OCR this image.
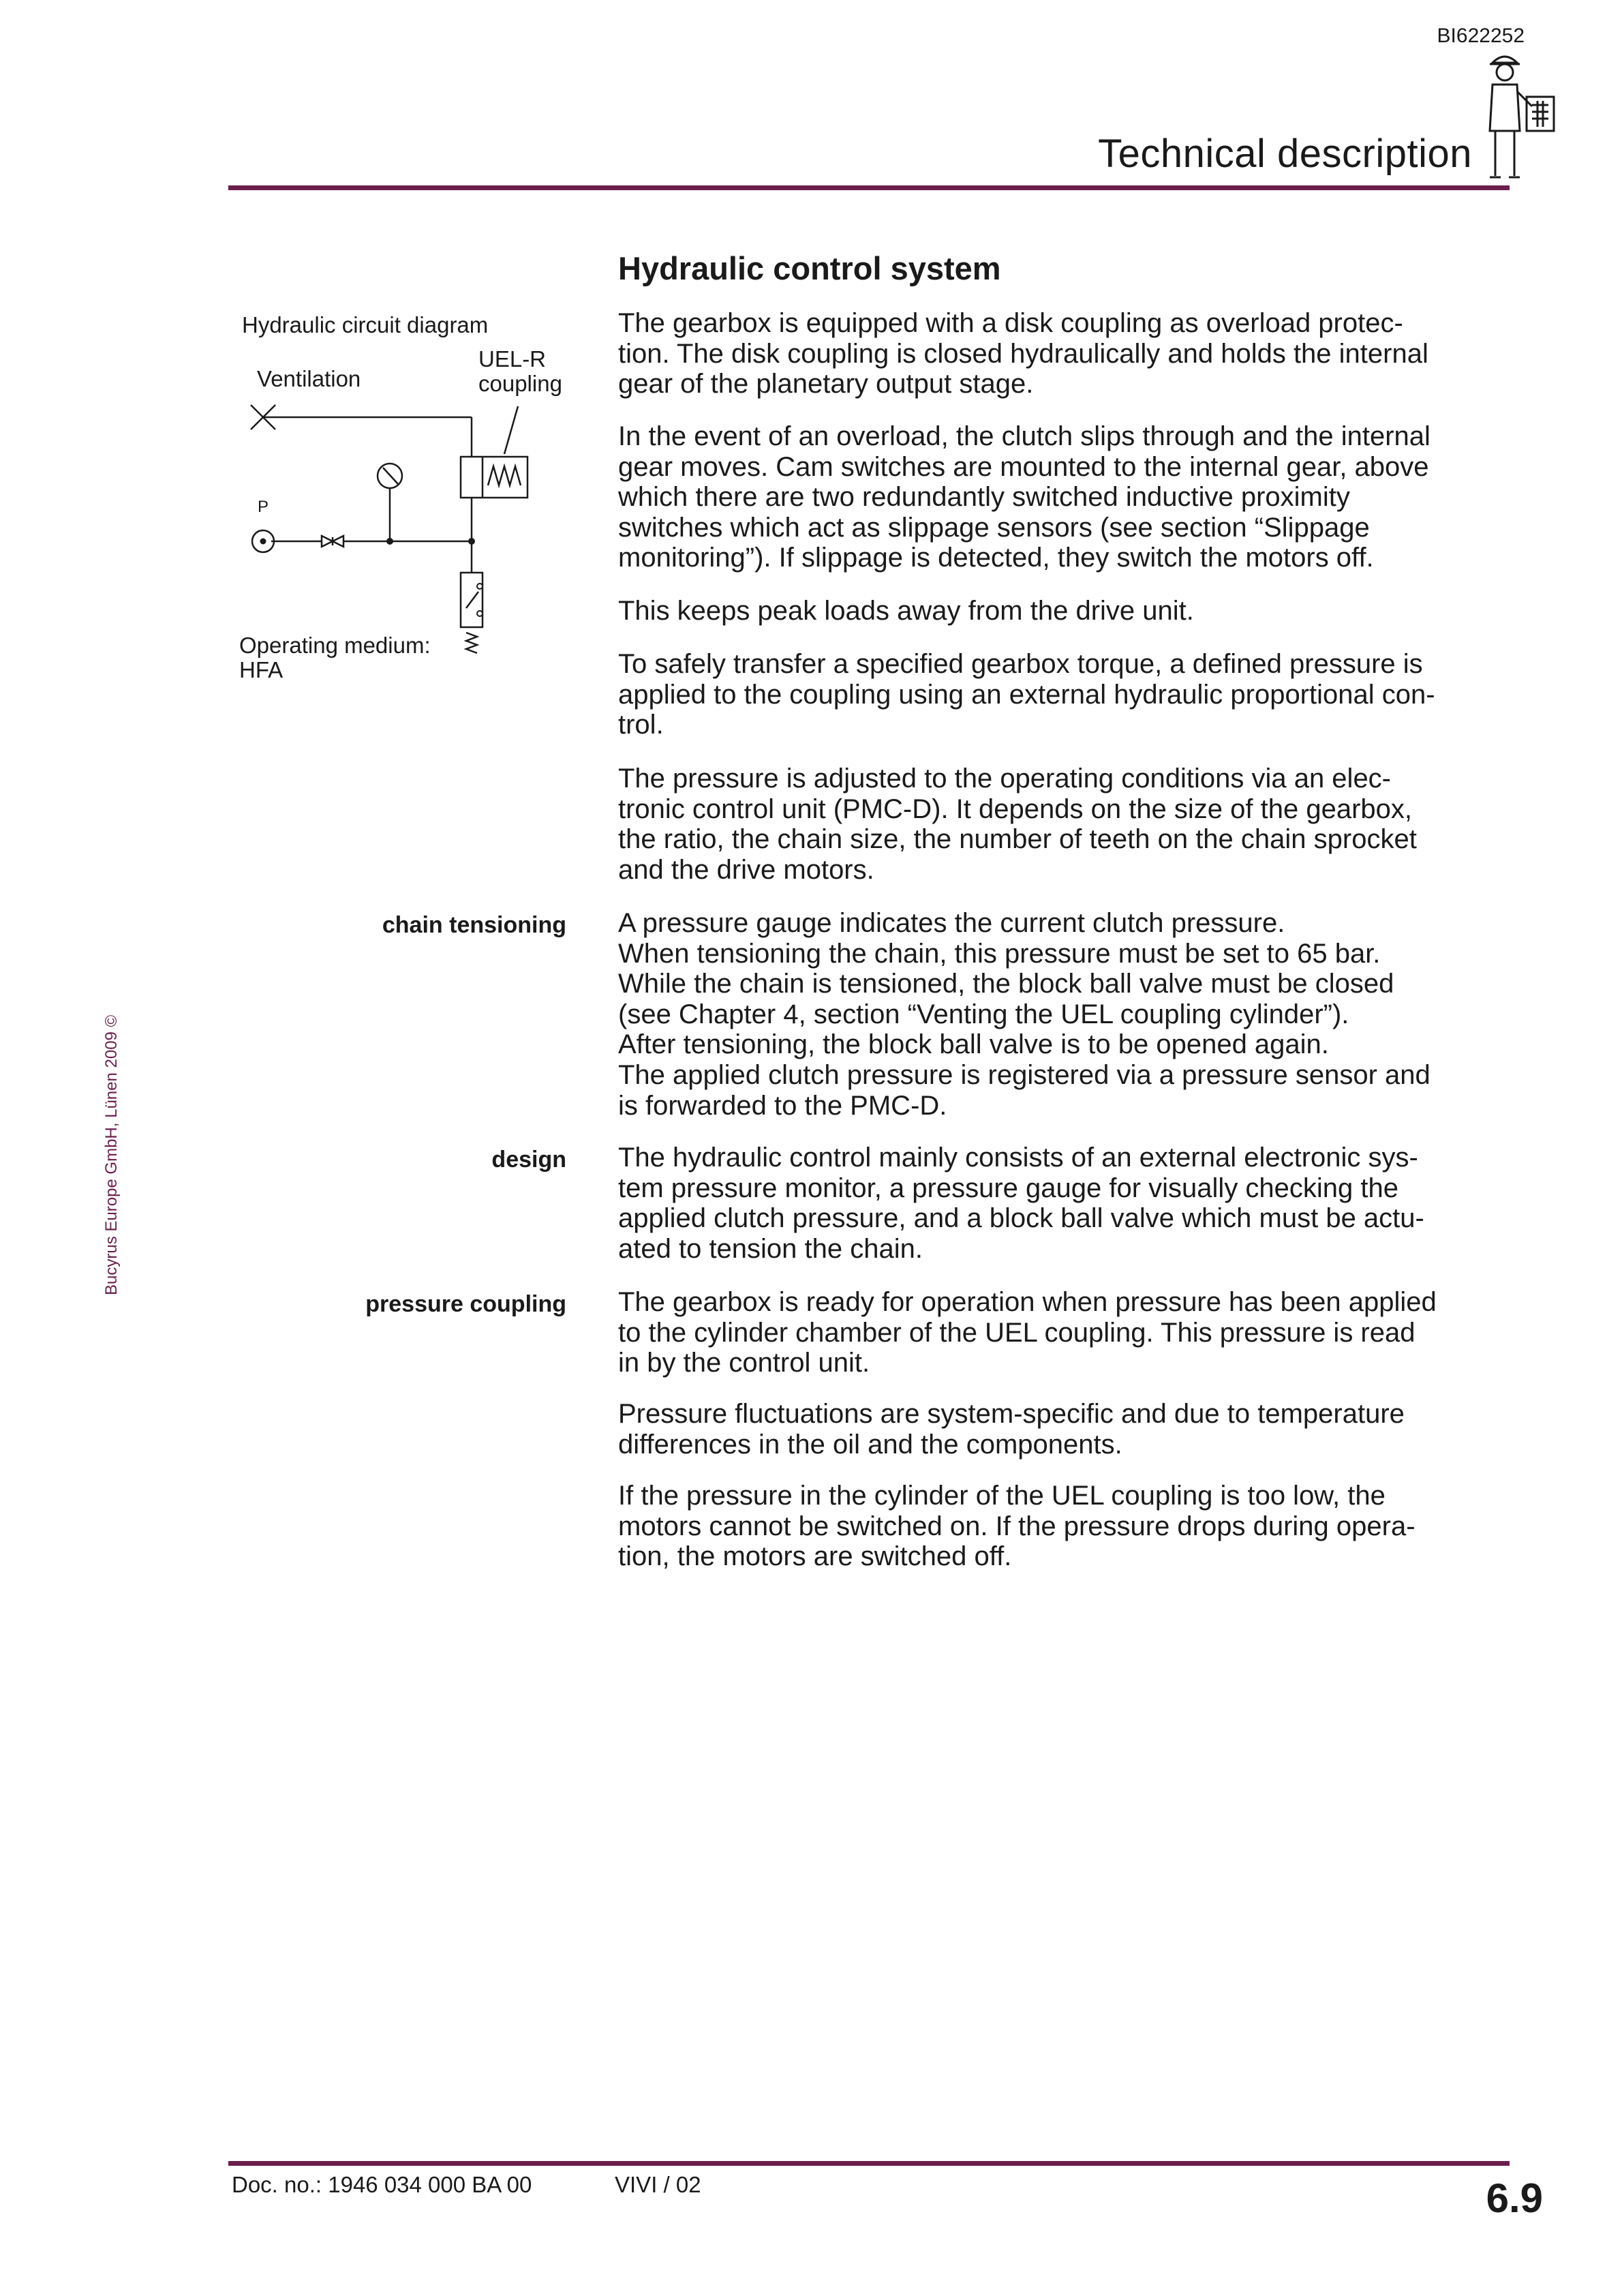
BI622252
Technical description
Hydraulic control system
Hydraulic circuit diagram
Ventilation
UEL-R
coupling
P
Operating medium:
HFA
The gearbox is equipped with a disk coupling as overload protec-
tion. The disk coupling is closed hydraulically and holds the internal
gear of the planetary output stage.
In the event of an overload, the clutch slips through and the internal
gear moves. Cam switches are mounted to the internal gear, above
which there are two redundantly switched inductive proximity
switches which act as slippage sensors (see section “Slippage
monitoring”). If slippage is detected, they switch the motors off.
This keeps peak loads away from the drive unit.
To safely transfer a specified gearbox torque, a defined pressure is
applied to the coupling using an external hydraulic proportional con-
trol.
The pressure is adjusted to the operating conditions via an elec-
tronic control unit (PMC-D). It depends on the size of the gearbox,
the ratio, the chain size, the number of teeth on the chain sprocket
and the drive motors.
chain tensioning A pressure gauge indicates the current clutch pressure.
When tensioning the chain, this pressure must be set to 65 bar.
While the chain is tensioned, the block ball valve must be closed
(see Chapter 4, section “Venting the UEL coupling cylinder”).
After tensioning, the block ball valve is to be opened again.
The applied clutch pressure is registered via a pressure sensor and
is forwarded to the PMC-D.
design The hydraulic control mainly consists of an external electronic sys-
tem pressure monitor, a pressure gauge for visually checking the
applied clutch pressure, and a block ball valve which must be actu-
ated to tension the chain.
pressure coupling The gearbox is ready for operation when pressure has been applied
to the cylinder chamber of the UEL coupling. This pressure is read
in by the control unit.
Pressure fluctuations are system-specific and due to temperature
differences in the oil and the components.
If the pressure in the cylinder of the UEL coupling is too low, the
motors cannot be switched on. If the pressure drops during opera-
tion, the motors are switched off.
Bucyrus Europe GmbH, Lünen 2009 ©
Doc. no.: 1946 034 000 BA 00	VIVI / 02	6.9
